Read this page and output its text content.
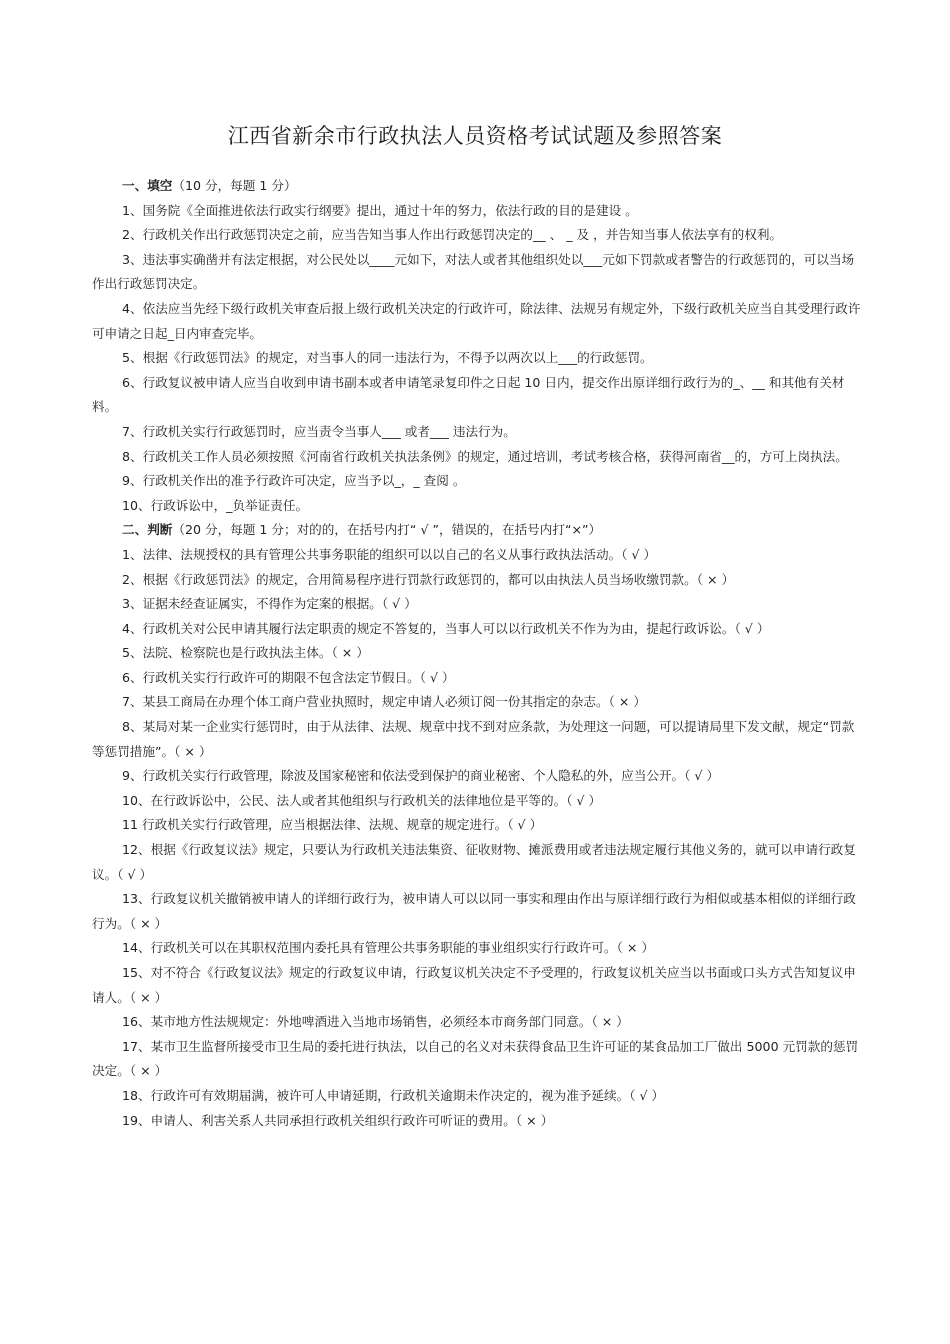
江西省新余市行政执法人员资格考试试题及参照答案

一、填空（10 分，每题 1 分）

1、国务院《全面推进依法行政实行纲要》提出，通过十年的努力，依法行政的目的是建设 。

2、行政机关作出行政惩罚决定之前，应当告知当事人作出行政惩罚决定的__ 、 _ 及 ，并告知当事人依法享有的权利。

3、违法事实确凿并有法定根据，对公民处以____元如下，对法人或者其他组织处以___元如下罚款或者警告的行政惩罚的，可以当场作出行政惩罚决定。

4、依法应当先经下级行政机关审查后报上级行政机关决定的行政许可，除法律、法规另有规定外，下级行政机关应当自其受理行政许可申请之日起_日内审查完毕。

5、根据《行政惩罚法》的规定，对当事人的同一违法行为，不得予以两次以上___的行政惩罚。

6、行政复议被申请人应当自收到申请书副本或者申请笔录复印件之日起 10 日内，提交作出原详细行政行为的_、__ 和其他有关材料。

7、行政机关实行行政惩罚时，应当责令当事人___ 或者___ 违法行为。

8、行政机关工作人员必须按照《河南省行政机关执法条例》的规定，通过培训，考试考核合格，获得河南省__的，方可上岗执法。

9、行政机关作出的准予行政许可决定，应当予以_，_ 查阅 。

10、行政诉讼中，_负举证责任。

二、判断（20 分，每题 1 分；对的的，在括号内打“ √ ”，错误的，在括号内打“×”）

1、法律、法规授权的具有管理公共事务职能的组织可以以自己的名义从事行政执法活动。（ √ ）

2、根据《行政惩罚法》的规定，合用简易程序进行罚款行政惩罚的，都可以由执法人员当场收缴罚款。（ × ）

3、证据未经查证属实，不得作为定案的根据。（ √ ）

4、行政机关对公民申请其履行法定职责的规定不答复的，当事人可以以行政机关不作为为由，提起行政诉讼。（ √ ）

5、法院、检察院也是行政执法主体。（ × ）

6、行政机关实行行政许可的期限不包含法定节假日。（ √ ）

7、某县工商局在办理个体工商户营业执照时，规定申请人必须订阅一份其指定的杂志。（ × ）

8、某局对某一企业实行惩罚时，由于从法律、法规、规章中找不到对应条款，为处理这一问题，可以提请局里下发文献，规定“罚款等惩罚措施”。（ × ）

9、行政机关实行行政管理，除波及国家秘密和依法受到保护的商业秘密、个人隐私的外，应当公开。（ √ ）

10、在行政诉讼中，公民、法人或者其他组织与行政机关的法律地位是平等的。（ √ ）

11 行政机关实行行政管理，应当根据法律、法规、规章的规定进行。（ √ ）

12、根据《行政复议法》规定，只要认为行政机关违法集资、征收财物、摊派费用或者违法规定履行其他义务的，就可以申请行政复议。（ √ ）

13、行政复议机关撤销被申请人的详细行政行为，被申请人可以以同一事实和理由作出与原详细行政行为相似或基本相似的详细行政行为。（ × ）

14、行政机关可以在其职权范围内委托具有管理公共事务职能的事业组织实行行政许可。（ × ）

15、对不符合《行政复议法》规定的行政复议申请，行政复议机关决定不予受理的，行政复议机关应当以书面或口头方式告知复议申请人。（ × ）

16、某市地方性法规规定：外地啤酒进入当地市场销售，必须经本市商务部门同意。（ × ）

17、某市卫生监督所接受市卫生局的委托进行执法，以自己的名义对未获得食品卫生许可证的某食品加工厂做出 5000 元罚款的惩罚决定。（ × ）

18、行政许可有效期届满，被许可人申请延期，行政机关逾期未作决定的，视为准予延续。（ √ ）

19、申请人、利害关系人共同承担行政机关组织行政许可听证的费用。（ × ）
